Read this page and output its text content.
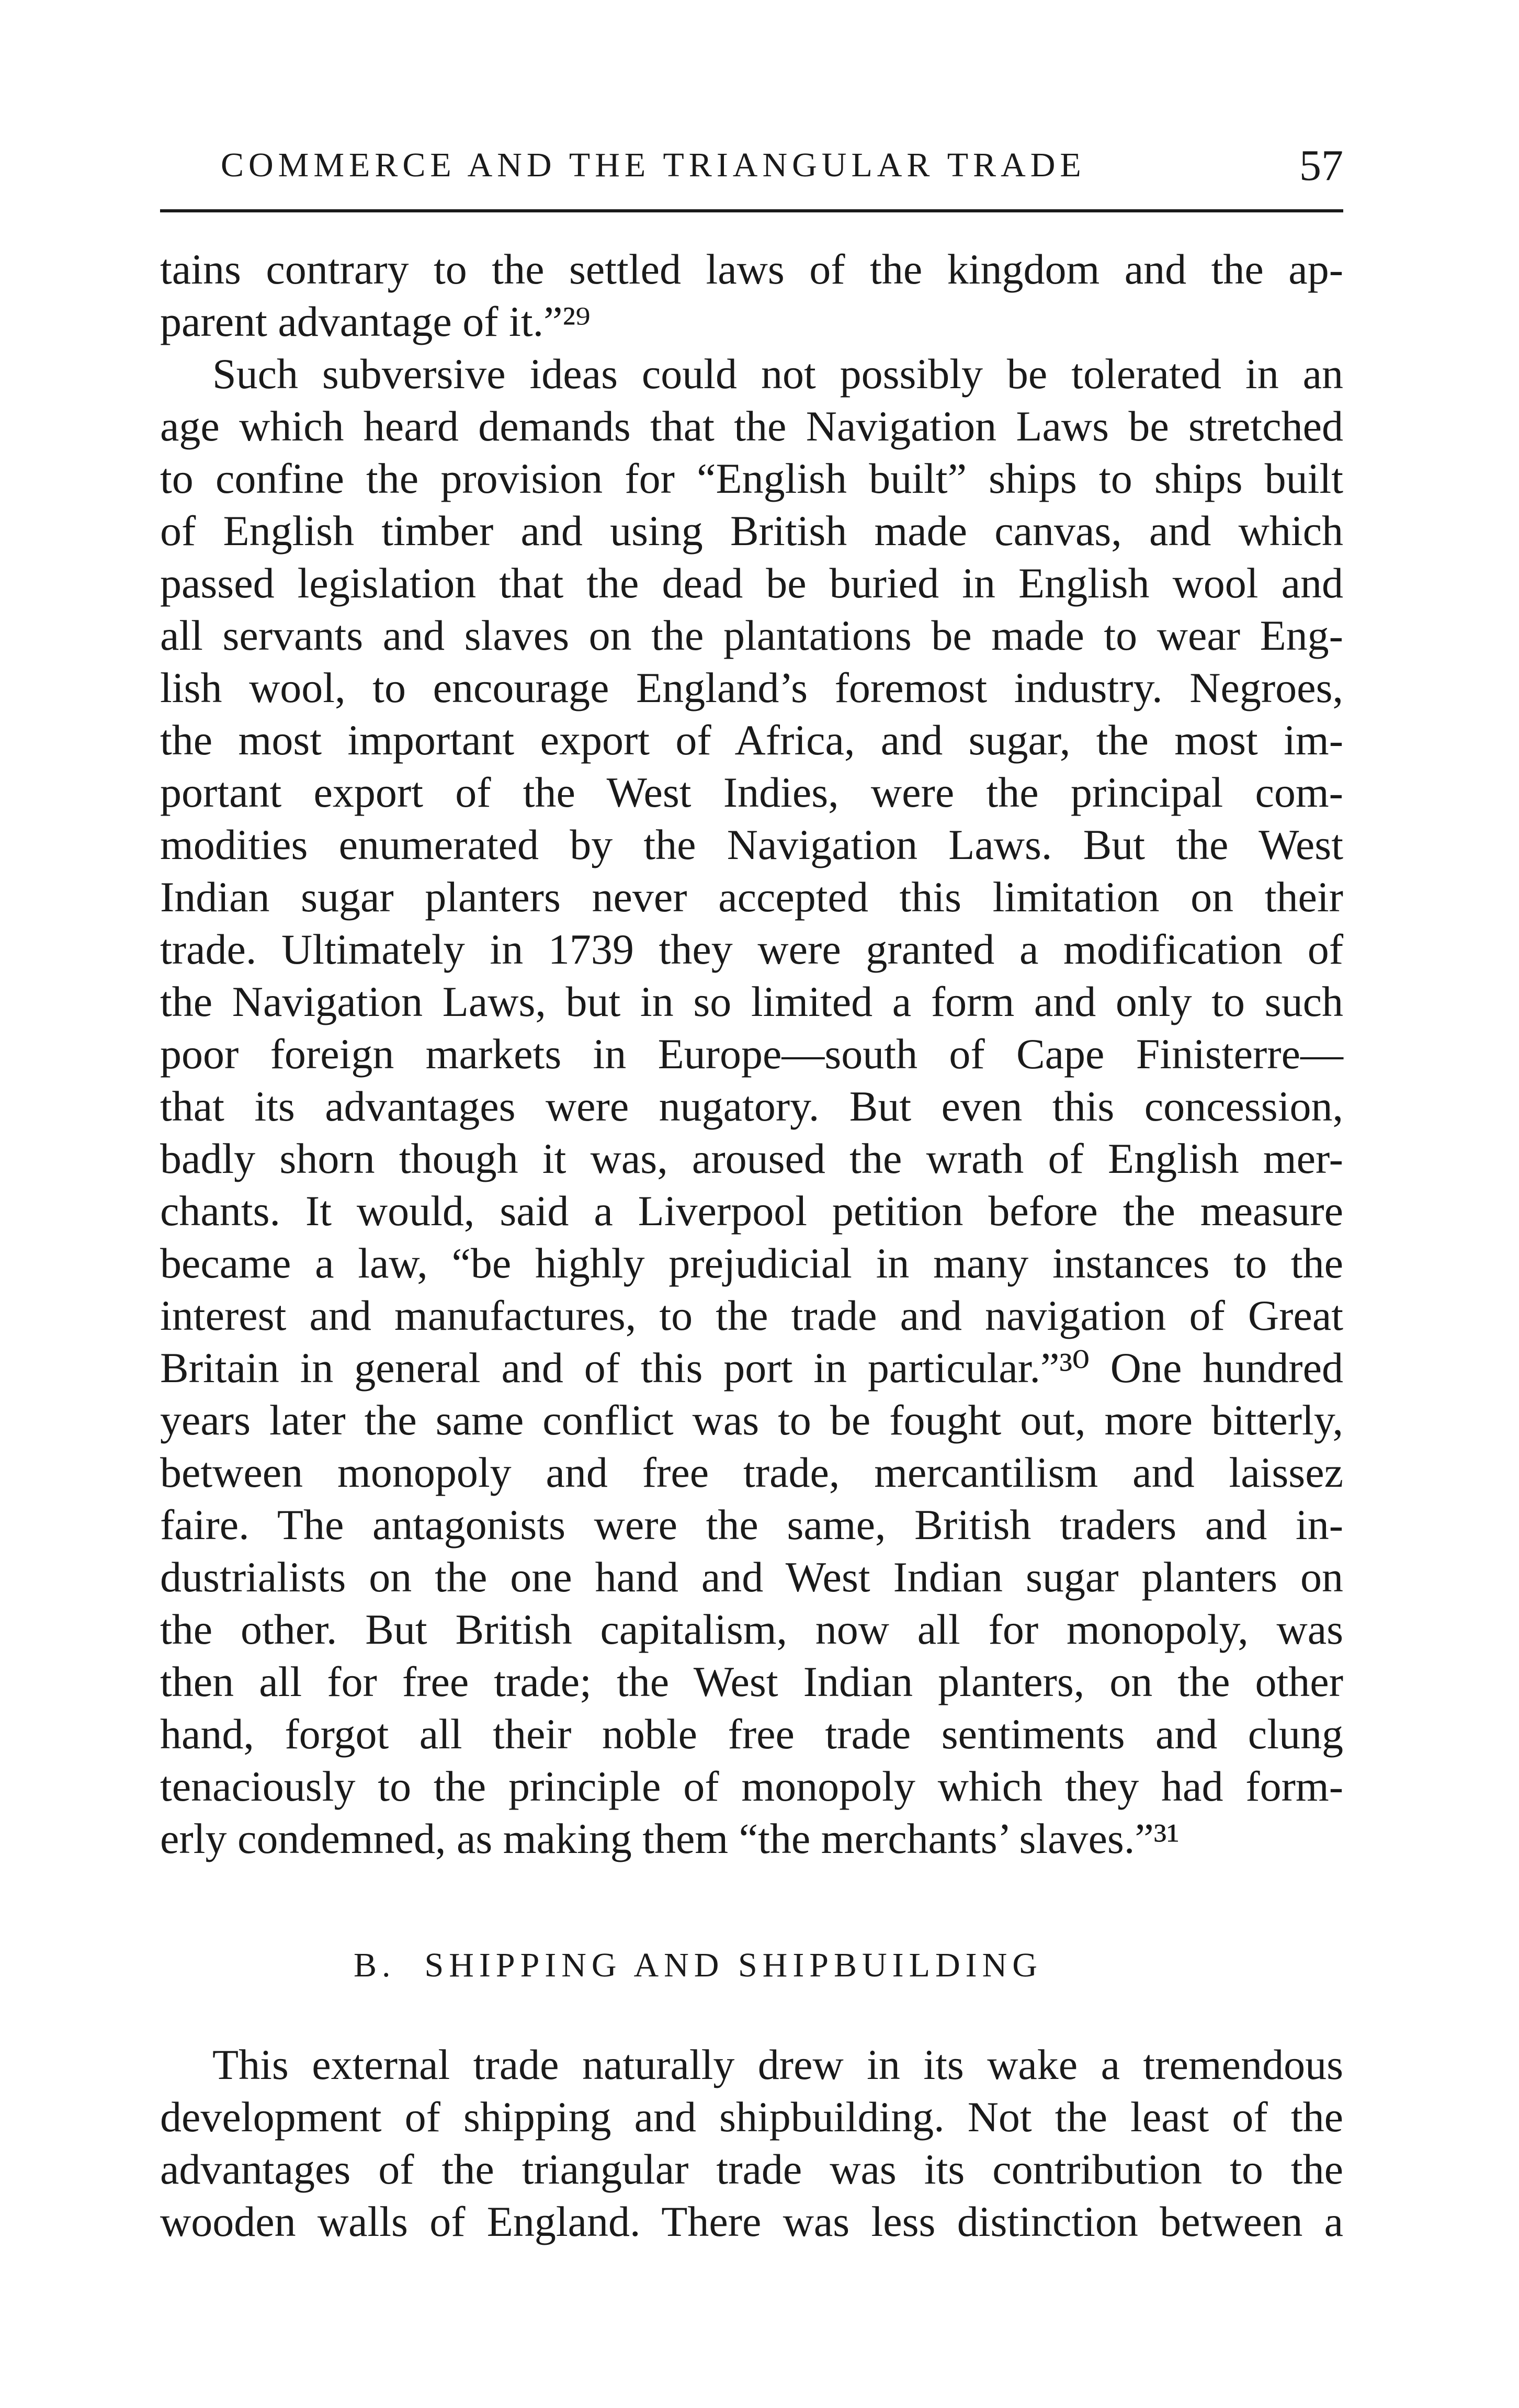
COMMERCE AND THE TRIANGULAR TRADE	57
tains contrary to the settled laws of the kingdom and the ap-
parent advantage of it.”²⁹
Such subversive ideas could not possibly be tolerated in an
age which heard demands that the Navigation Laws be stretched
to confine the provision for “English built” ships to ships built
of English timber and using British made canvas, and which
passed legislation that the dead be buried in English wool and
all servants and slaves on the plantations be made to wear Eng-
lish wool, to encourage England’s foremost industry. Negroes,
the most important export of Africa, and sugar, the most im-
portant export of the West Indies, were the principal com-
modities enumerated by the Navigation Laws. But the West
Indian sugar planters never accepted this limitation on their
trade. Ultimately in 1739 they were granted a modification of
the Navigation Laws, but in so limited a form and only to such
poor foreign markets in Europe—south of Cape Finisterre—
that its advantages were nugatory. But even this concession,
badly shorn though it was, aroused the wrath of English mer-
chants. It would, said a Liverpool petition before the measure
became a law, “be highly prejudicial in many instances to the
interest and manufactures, to the trade and navigation of Great
Britain in general and of this port in particular.”³⁰ One hundred
years later the same conflict was to be fought out, more bitterly,
between monopoly and free trade, mercantilism and laissez
faire. The antagonists were the same, British traders and in-
dustrialists on the one hand and West Indian sugar planters on
the other. But British capitalism, now all for monopoly, was
then all for free trade; the West Indian planters, on the other
hand, forgot all their noble free trade sentiments and clung
tenaciously to the principle of monopoly which they had form-
erly condemned, as making them “the merchants’ slaves.”³¹
B. SHIPPING AND SHIPBUILDING
This external trade naturally drew in its wake a tremendous
development of shipping and shipbuilding. Not the least of the
advantages of the triangular trade was its contribution to the
wooden walls of England. There was less distinction between a
